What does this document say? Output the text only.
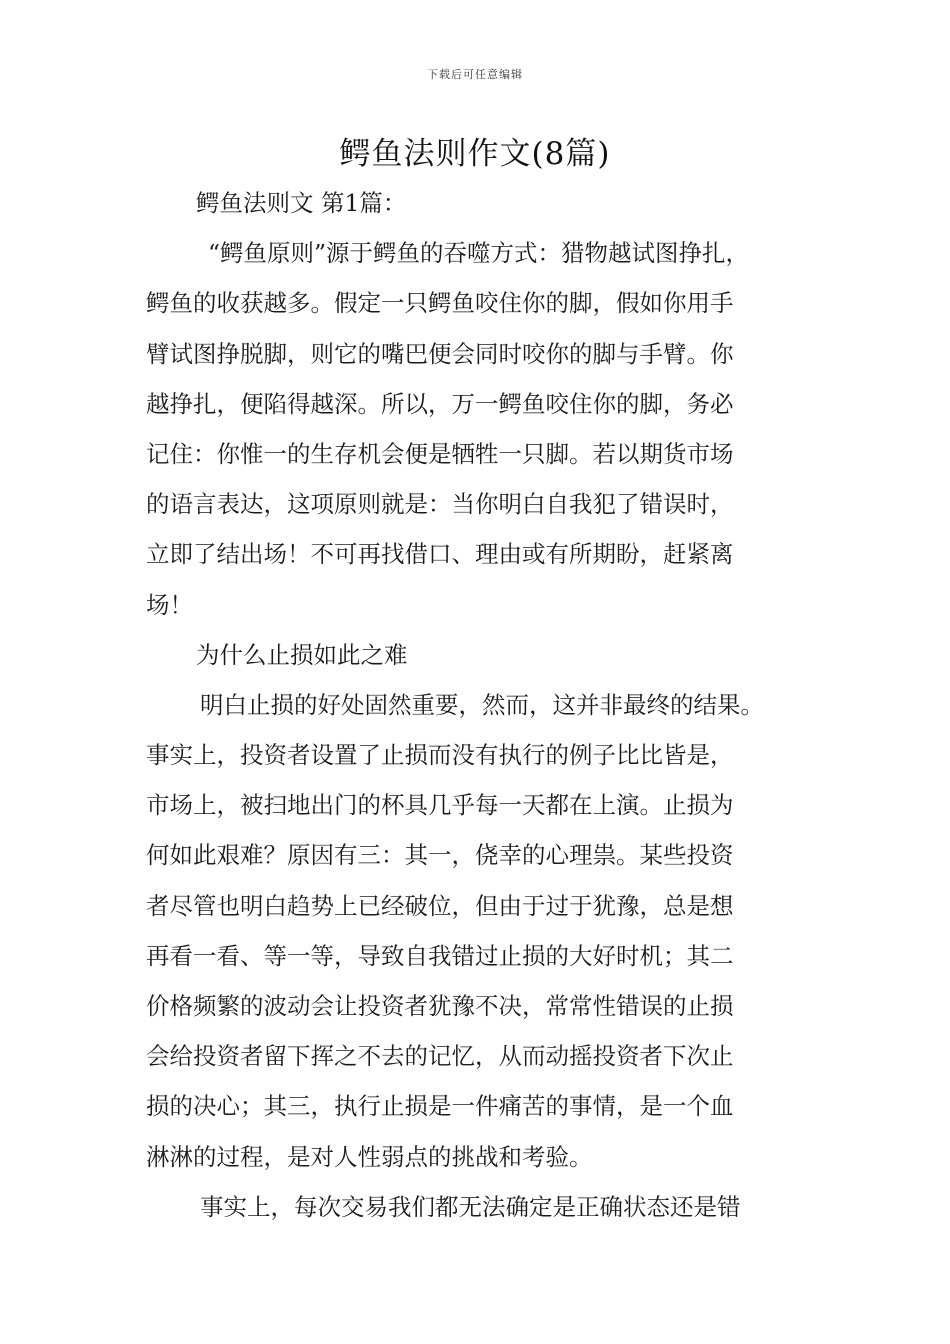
下载后可任意编辑
鳄鱼法则作文(8篇)
鳄鱼法则文 第1篇：
“鳄鱼原则”源于鳄鱼的吞噬方式：猎物越试图挣扎，
鳄鱼的收获越多。假定一只鳄鱼咬住你的脚，假如你用手
臂试图挣脱脚，则它的嘴巴便会同时咬你的脚与手臂。你
越挣扎，便陷得越深。所以，万一鳄鱼咬住你的脚，务必
记住：你惟一的生存机会便是牺牲一只脚。若以期货市场
的语言表达，这项原则就是：当你明白自我犯了错误时，
立即了结出场！不可再找借口、理由或有所期盼，赶紧离
场！
为什么止损如此之难
明白止损的好处固然重要，然而，这并非最终的结果。
事实上，投资者设置了止损而没有执行的例子比比皆是，
市场上，被扫地出门的杯具几乎每一天都在上演。止损为
何如此艰难？原因有三：其一，侥幸的心理祟。某些投资
者尽管也明白趋势上已经破位，但由于过于犹豫，总是想
再看一看、等一等，导致自我错过止损的大好时机；其二
价格频繁的波动会让投资者犹豫不决，常常性错误的止损
会给投资者留下挥之不去的记忆，从而动摇投资者下次止
损的决心；其三，执行止损是一件痛苦的事情，是一个血
淋淋的过程，是对人性弱点的挑战和考验。
事实上，每次交易我们都无法确定是正确状态还是错
